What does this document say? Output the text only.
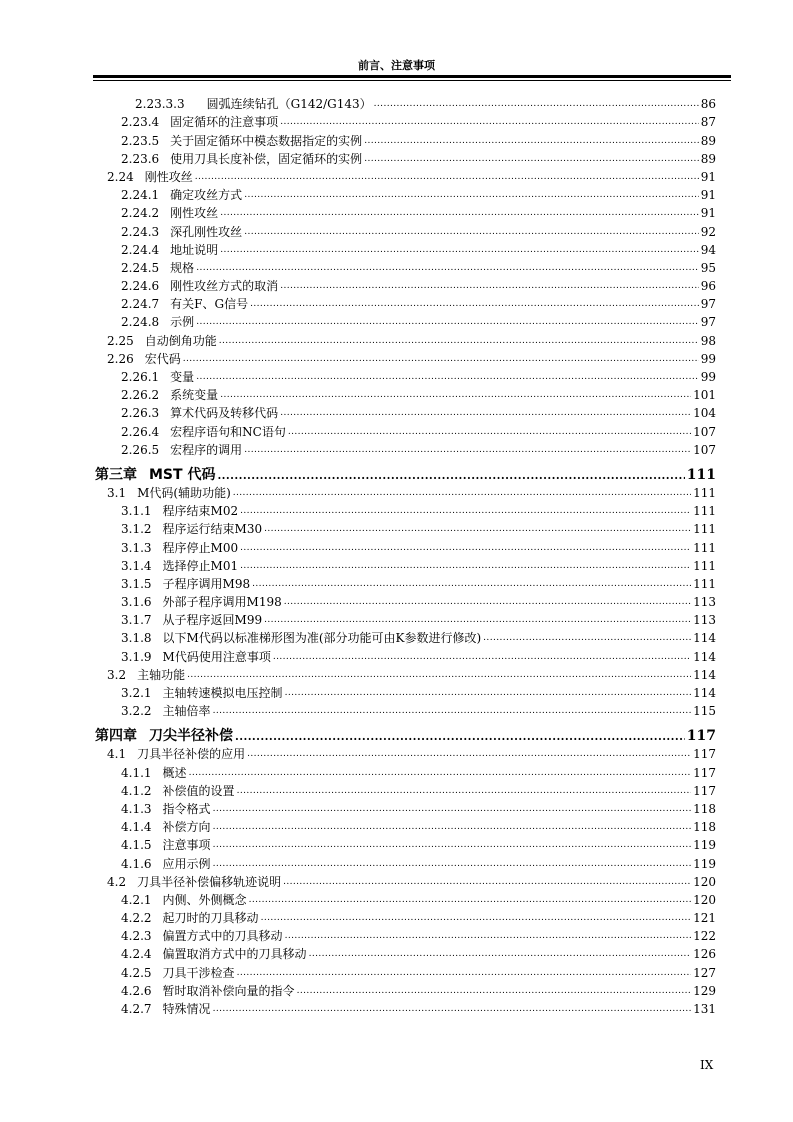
前言、注意事项
2.23.3.3	圆弧连续钻孔（G142/G143） .....	86
2.23.4 固定循环的注意事项 .....	87
2.23.5 关于固定循环中模态数据指定的实例 .....	89
2.23.6 使用刀具长度补偿，固定循环的实例 .....	89
2.24 刚性攻丝 .....	91
2.24.1 确定攻丝方式 .....	91
2.24.2 刚性攻丝 .....	91
2.24.3 深孔刚性攻丝 .....	92
2.24.4 地址说明 .....	94
2.24.5 规格 .....	95
2.24.6 刚性攻丝方式的取消 .....	96
2.24.7 有关F、G信号 .....	97
2.24.8 示例 .....	97
2.25 自动倒角功能 .....	98
2.26 宏代码 .....	99
2.26.1 变量 .....	99
2.26.2 系统变量 .....	101
2.26.3 算术代码及转移代码 .....	104
2.26.4 宏程序语句和NC语句 .....	107
2.26.5 宏程序的调用 .....	107
第三章 MST 代码 .....	111
3.1 M代码(辅助功能) .....	111
3.1.1 程序结束M02 .....	111
3.1.2 程序运行结束M30 .....	111
3.1.3 程序停止M00 .....	111
3.1.4 选择停止M01 .....	111
3.1.5 子程序调用M98 .....	111
3.1.6 外部子程序调用M198 .....	113
3.1.7 从子程序返回M99 .....	113
3.1.8 以下M代码以标准梯形图为准(部分功能可由K参数进行修改) .....	114
3.1.9 M代码使用注意事项 .....	114
3.2 主轴功能 .....	114
3.2.1 主轴转速模拟电压控制 .....	114
3.2.2 主轴倍率 .....	115
第四章 刀尖半径补偿 .....	117
4.1 刀具半径补偿的应用 .....	117
4.1.1 概述 .....	117
4.1.2 补偿值的设置 .....	117
4.1.3 指令格式 .....	118
4.1.4 补偿方向 .....	118
4.1.5 注意事项 .....	119
4.1.6 应用示例 .....	119
4.2 刀具半径补偿偏移轨迹说明 .....	120
4.2.1 内侧、外侧概念 .....	120
4.2.2 起刀时的刀具移动 .....	121
4.2.3 偏置方式中的刀具移动 .....	122
4.2.4 偏置取消方式中的刀具移动 .....	126
4.2.5 刀具干涉检查 .....	127
4.2.6 暂时取消补偿向量的指令 .....	129
4.2.7 特殊情况 .....	131
IX
